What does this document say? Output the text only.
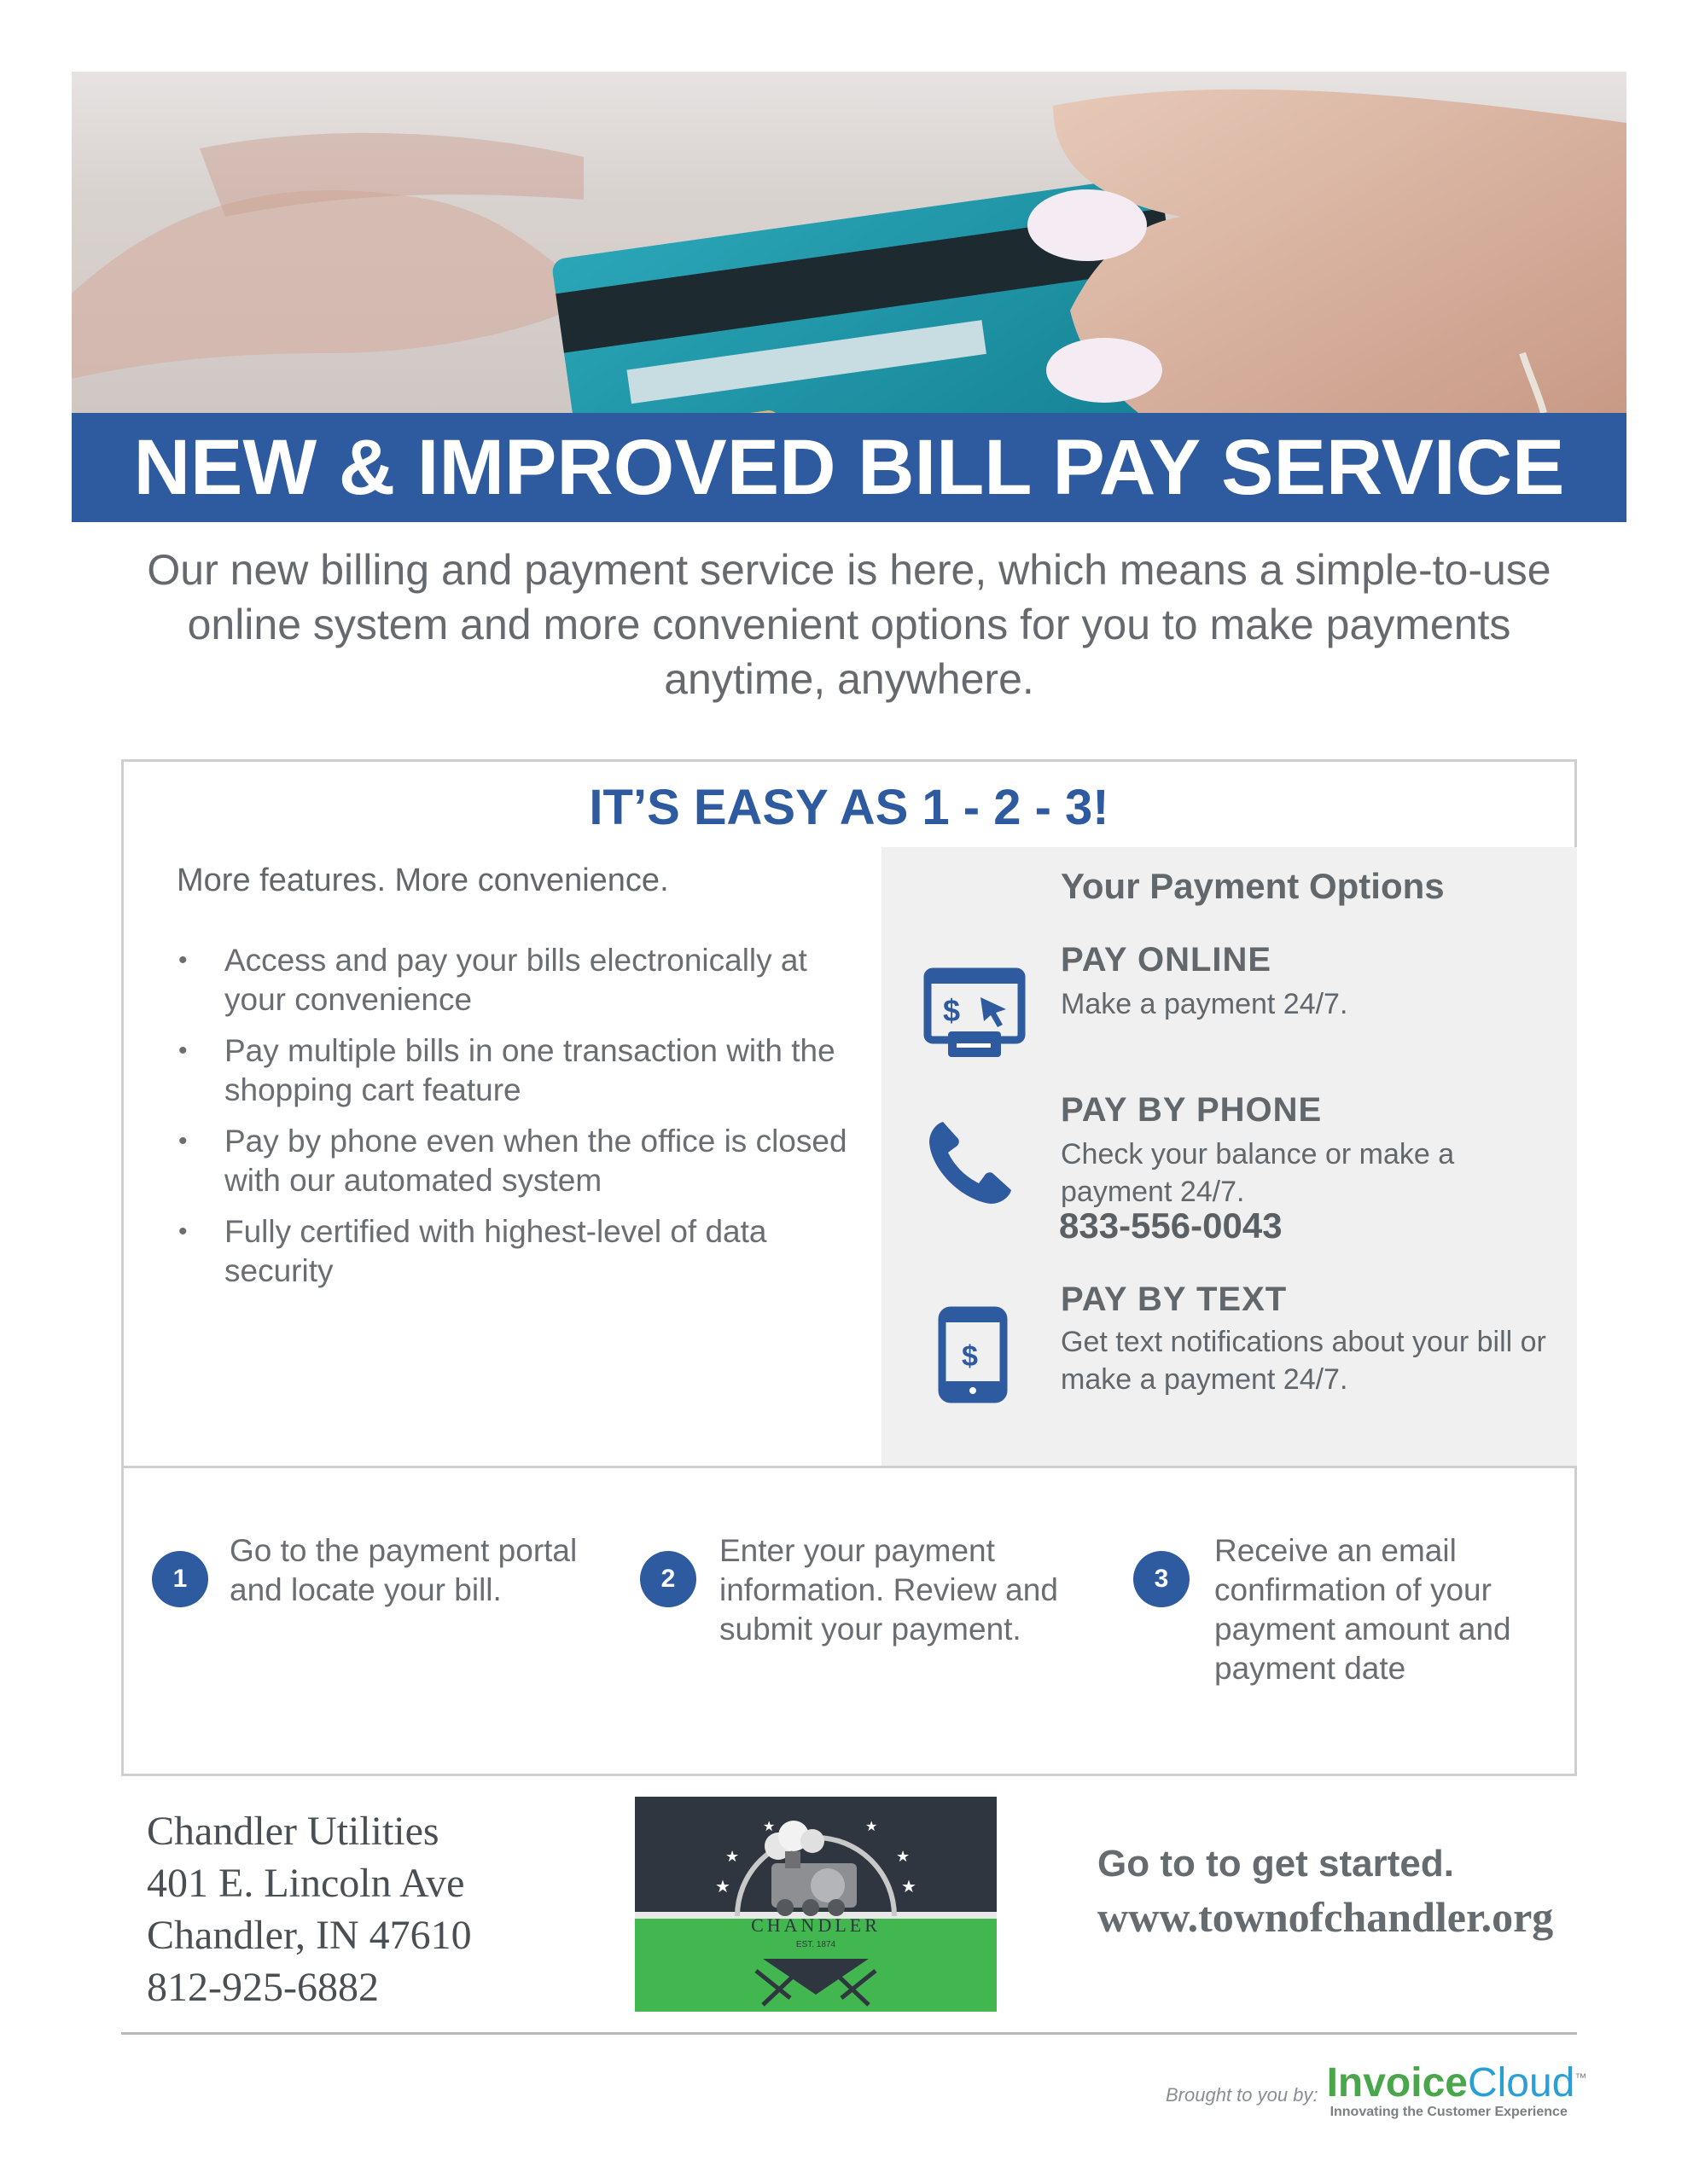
NEW & IMPROVED BILL PAY SERVICE
Our new billing and payment service is here, which means a simple-to-use online system and more convenient options for you to make payments anytime, anywhere.
IT’S EASY AS 1 - 2 - 3!
More features. More convenience.
• Access and pay your bills electronically at your convenience
• Pay multiple bills in one transaction with the shopping cart feature
• Pay by phone even when the office is closed with our automated system
• Fully certified with highest-level of data security
Your Payment Options
$
PAY ONLINE
Make a payment 24/7.
PAY BY PHONE
Check your balance or make a payment 24/7.
833-556-0043
$
PAY BY TEXT
Get text notifications about your bill or make a payment 24/7.
1
Go to the payment portal and locate your bill.	2
Enter your payment information. Review and submit your payment.
3
Receive an email confirmation of your payment amount and payment date
Chandler Utilities
401 E. Lincoln Ave
Chandler, IN 47610
812-925-6882
★
★
★	★
★
★
CHANDLER
EST. 1874
Go to to get started.
www.townofchandler.org
Brought to you by: InvoiceCloud™
Innovating the Customer Experience
